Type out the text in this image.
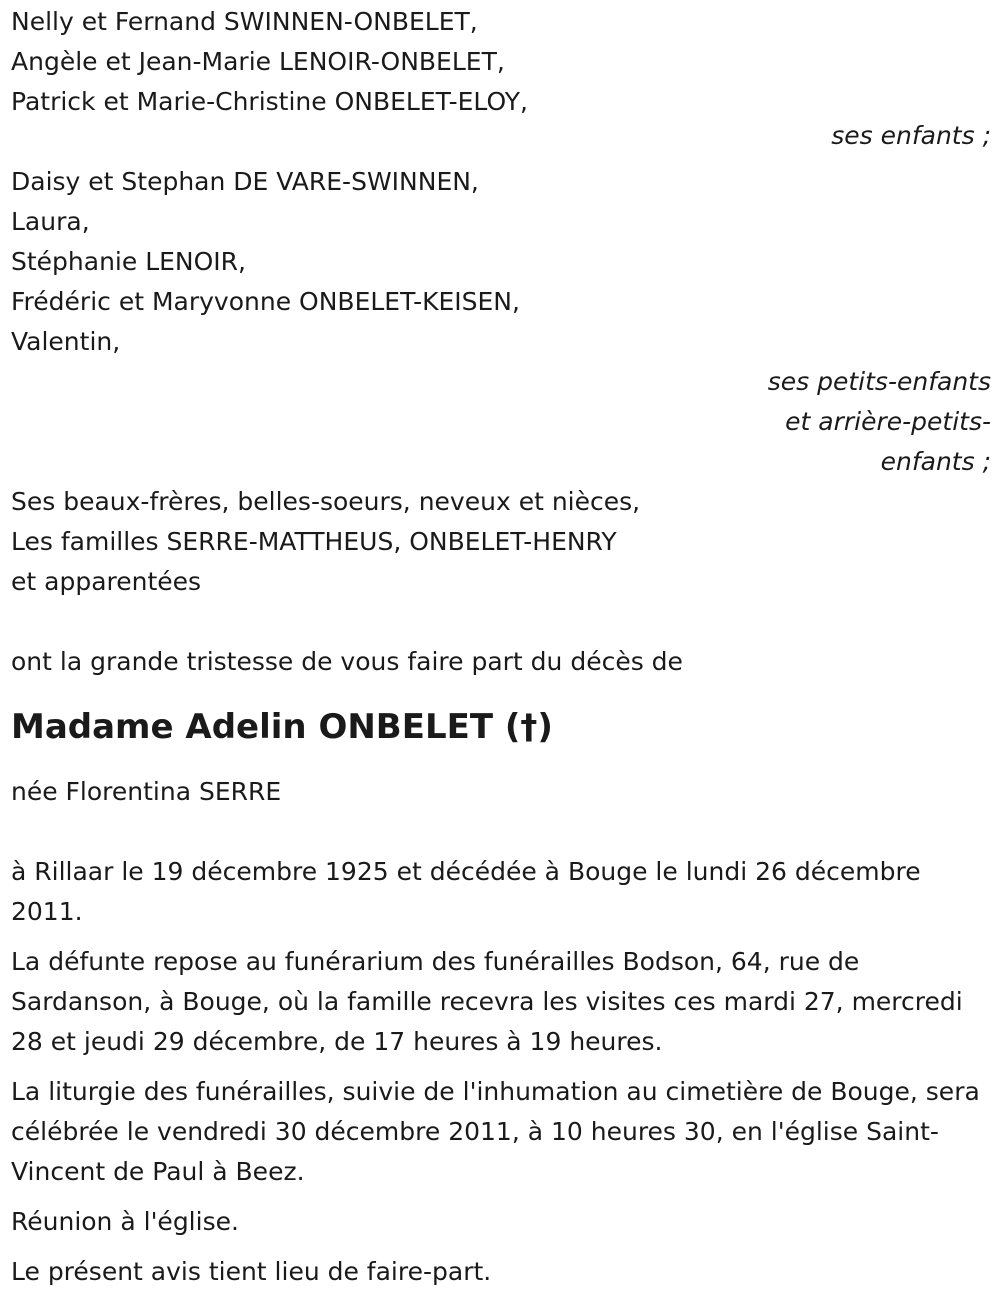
Nelly et Fernand SWINNEN-ONBELET,
Angèle et Jean-Marie LENOIR-ONBELET,
Patrick et Marie-Christine ONBELET-ELOY,
ses enfants ;
Daisy et Stephan DE VARE-SWINNEN,
Laura,
Stéphanie LENOIR,
Frédéric et Maryvonne ONBELET-KEISEN,
Valentin,
ses petits-enfants
et arrière-petits-
enfants ;
Ses beaux-frères, belles-soeurs, neveux et nièces,
Les familles SERRE-MATTHEUS, ONBELET-HENRY
et apparentées
ont la grande tristesse de vous faire part du décès de
Madame Adelin ONBELET (†)
née Florentina SERRE
à Rillaar le 19 décembre 1925 et décédée à Bouge le lundi 26 décembre 2011.
La défunte repose au funérarium des funérailles Bodson, 64, rue de Sardanson, à Bouge, où la famille recevra les visites ces mardi 27, mercredi 28 et jeudi 29 décembre, de 17 heures à 19 heures.
La liturgie des funérailles, suivie de l'inhumation au cimetière de Bouge, sera célébrée le vendredi 30 décembre 2011, à 10 heures 30, en l'église Saint-Vincent de Paul à Beez.
Réunion à l'église.
Le présent avis tient lieu de faire-part.
